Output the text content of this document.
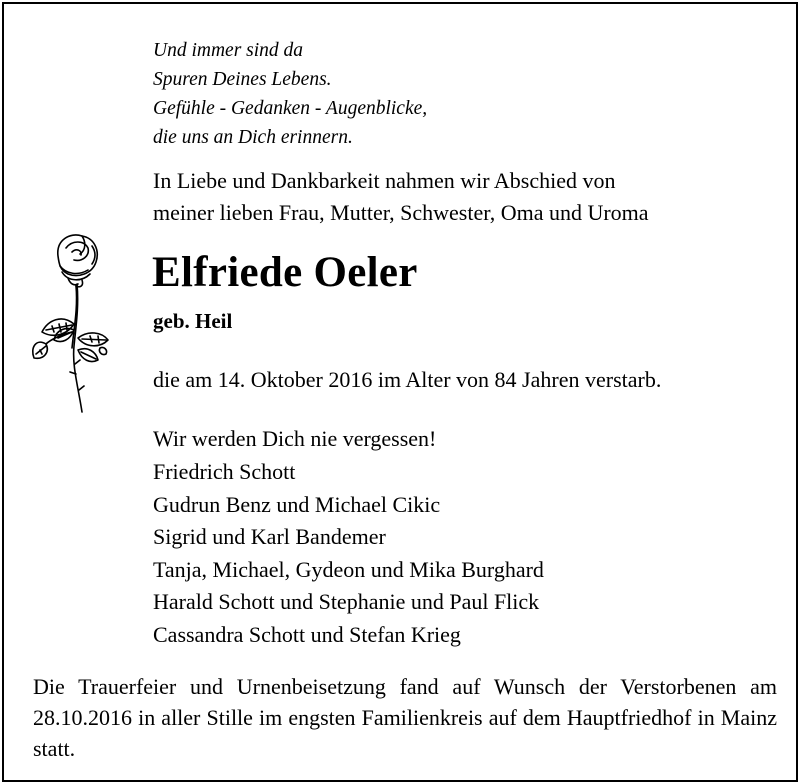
Und immer sind da
Spuren Deines Lebens.
Gefühle - Gedanken - Augenblicke,
die uns an Dich erinnern.
In Liebe und Dankbarkeit nahmen wir Abschied von
meiner lieben Frau, Mutter, Schwester, Oma und Uroma
Elfriede Oeler
geb. Heil
die am 14. Oktober 2016 im Alter von 84 Jahren verstarb.
Wir werden Dich nie vergessen!
Friedrich Schott
Gudrun Benz und Michael Cikic
Sigrid und Karl Bandemer
Tanja, Michael, Gydeon und Mika Burghard
Harald Schott und Stephanie und Paul Flick
Cassandra Schott und Stefan Krieg
Die Trauerfeier und Urnenbeisetzung fand auf Wunsch der Verstorbenen am 28.10.2016 in aller Stille im engsten Familienkreis auf dem Hauptfriedhof in Mainz statt.
